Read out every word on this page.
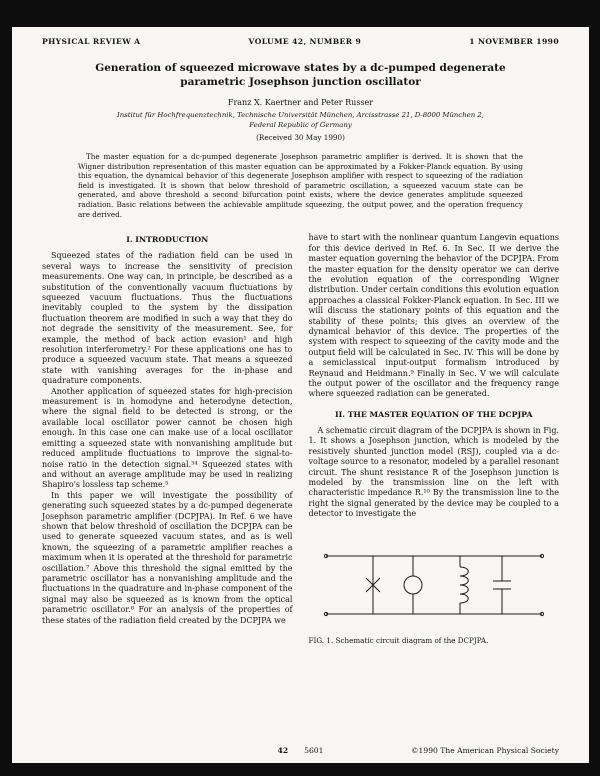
PHYSICAL REVIEW A	VOLUME 42, NUMBER 9	1 NOVEMBER 1990
Generation of squeezed microwave states by a dc-pumped degenerate
parametric Josephson junction oscillator
Franz X. Kaertner and Peter Russer
Institut für Hochfrequenztechnik, Technische Universität München, Arcisstrasse 21, D-8000 München 2,
Federal Republic of Germany
(Received 30 May 1990)

The master equation for a dc-pumped degenerate Josephson parametric amplifier is derived. It is shown that the Wigner distribution representation of this master equation can be approximated by a Fokker-Planck equation. By using this equation, the dynamical behavior of this degenerate Josephson amplifier with respect to squeezing of the radiation field is investigated. It is shown that below threshold of parametric oscillation, a squeezed vacuum state can be generated, and above threshold a second bifurcation point exists, where the device generates amplitude squeezed radiation. Basic relations between the achievable amplitude squeezing, the output power, and the operation frequency are derived.

I. INTRODUCTION

Squeezed states of the radiation field can be used in several ways to increase the sensitivity of precision measurements. One way can, in principle, be described as a substitution of the conventionally vacuum fluctuations by squeezed vacuum fluctuations. Thus the fluctuations inevitably coupled to the system by the dissipation fluctuation theorem are modified in such a way that they do not degrade the sensitivity of the measurement. See, for example, the method of back action evasion¹ and high resolution interferometry.² For these applications one has to produce a squeezed vacuum state. That means a squeezed state with vanishing averages for the in-phase and quadrature components.

Another application of squeezed states for high-precision measurement is in homodyne and heterodyne detection, where the signal field to be detected is strong, or the available local oscillator power cannot be chosen high enough. In this case one can make use of a local oscillator emitting a squeezed state with nonvanishing amplitude but reduced amplitude fluctuations to improve the signal-to-noise ratio in the detection signal.³⁴ Squeezed states with and without an average amplitude may be used in realizing Shapiro's lossless tap scheme.⁵

In this paper we will investigate the possibility of generating such squeezed states by a dc-pumped degenerate Josephson parametric amplifier (DCPJPA). In Ref. 6 we have shown that below threshold of oscillation the DCPJPA can be used to generate squeezed vacuum states, and as is well known, the squeezing of a parametric amplifier reaches a maximum when it is operated at the threshold for parametric oscillation.⁷ Above this threshold the signal emitted by the parametric oscillator has a nonvanishing amplitude and the fluctuations in the quadrature and in-phase component of the signal may also be squeezed as is known from the optical parametric oscillator.⁸ For an analysis of the properties of these states of the radiation field created by the DCPJPA we

have to start with the nonlinear quantum Langevin equations for this device derived in Ref. 6. In Sec. II we derive the master equation governing the behavior of the DCPJPA. From the master equation for the density operator we can derive the evolution equation of the corresponding Wigner distribution. Under certain conditions this evolution equation approaches a classical Fokker-Planck equation. In Sec. III we will discuss the stationary points of this equation and the stability of these points; this gives an overview of the dynamical behavior of this device. The properties of the system with respect to squeezing of the cavity mode and the output field will be calculated in Sec. IV. This will be done by a semiclassical input-output formalism introduced by Reynaud and Heidmann.⁹ Finally in Sec. V we will calculate the output power of the oscillator and the frequency range where squeezed radiation can be generated.

II. THE MASTER EQUATION OF THE DCPJPA

A schematic circuit diagram of the DCPJPA is shown in Fig. 1. It shows a Josephson junction, which is modeled by the resistively shunted junction model (RSJ), coupled via a dc-voltage source to a resonator, modeled by a parallel resonant circuit. The shunt resistance R of the Josephson junction is modeled by the transmission line on the left with characteristic impedance R.¹⁰ By the transmission line to the right the signal generated by the device may be coupled to a detector to investigate the

FIG. 1. Schematic circuit diagram of the DCPJPA.
42 5601	©1990 The American Physical Society
